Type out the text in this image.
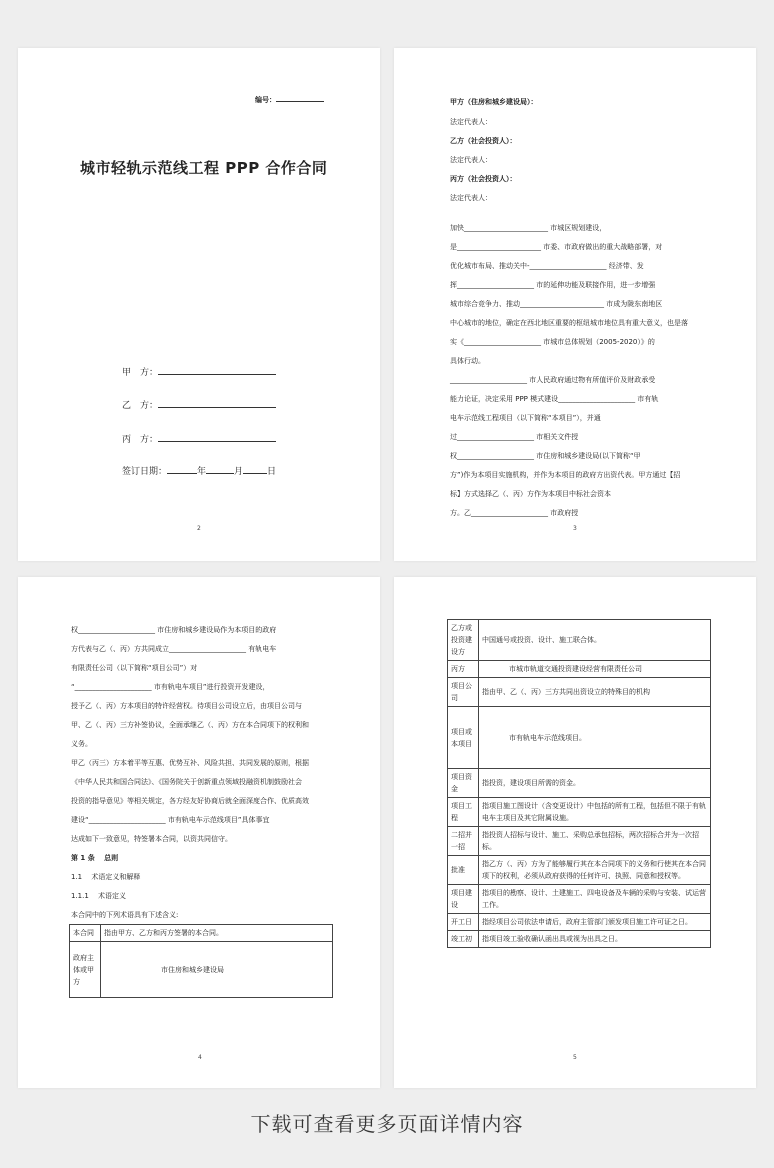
编号：
城市轻轨示范线工程 PPP 合作合同
甲　方：
乙　方：
丙　方：
签订日期：	年	月	日
2
甲方（住房和城乡建设局）：
法定代表人：
乙方（社会投资人）：
法定代表人：
丙方（社会投资人）：
法定代表人：
加快________________________ 市城区规划建设，
是________________________ 市委、市政府做出的重大战略部署，对
优化城市布局、推动关中-______________________ 经济带、发
挥______________________ 市的延伸功能及联接作用，进一步增强
城市综合竞争力、推动________________________ 市成为陇东南地区
中心城市的地位，确定在西北地区重要的枢纽城市地位具有重大意义，也是落
实《______________________ 市城市总体规划（2005-2020）》的
具体行动。
______________________ 市人民政府通过物有所值评价及财政承受
能力论证，决定采用 PPP 模式建设______________________ 市有轨
电车示范线工程项目（以下简称“本项目”），并通
过______________________ 市相关文件授
权______________________ 市住房和城乡建设局(以下简称“甲
方”)作为本项目实施机构，并作为本项目的政府方出资代表。甲方通过【招
标】方式选择乙（、丙）方作为本项目中标社会资本
方。乙______________________ 市政府授
3
权______________________ 市住房和城乡建设局作为本项目的政府
方代表与乙（、丙）方共同成立______________________ 有轨电车
有限责任公司（以下简称“项目公司”）对
“______________________ 市有轨电车项目”进行投资开发建设，
授予乙（、丙）方本项目的特许经营权。待项目公司设立后，由项目公司与
甲、乙（、丙）三方补签协议，全面承继乙（、丙）方在本合同项下的权利和
义务。
甲乙（丙三）方本着平等互惠、优势互补、风险共担、共同发展的原则，根据
《中华人民共和国合同法》、《国务院关于创新重点领域投融资机制鼓励社会
投资的指导意见》等相关规定，各方经友好协商后就全面深度合作、优质高效
建设“______________________ 市有轨电车示范线项目”具体事宜
达成如下一致意见，特签署本合同，以资共同信守。
第 1 条　 总则
1.1　 术语定义和解释
1.1.1　 术语定义
本合同中的下列术语具有下述含义:
本合同	指由甲方、乙方和丙方签署的本合同。
政府主体或甲方	市住房和城乡建设局
4
乙方或投资建设方	中国通号或投资、设计、施工联合体。
丙方	市城市轨道交通投资建设经营有限责任公司
项目公司	指由甲、乙（、丙）三方共同出资设立的特殊目的机构
项目或本项目	市有轨电车示范线项目。
项目资金	指投资，建设项目所需的资金。
项目工程	指项目施工图设计（含变更设计）中包括的所有工程，包括但不限于有轨电车主项目及其它附属设施。
二招并一招	指投资人招标与设计、施工、采购总承包招标，两次招标合并为一次招标。
批准	指乙方（、丙）方为了能够履行其在本合同项下的义务和行使其在本合同项下的权利，必须从政府获得的任何许可、执照、同意和授权等。
项目建设	指项目的勘察、设计、土建施工、四电设备及车辆的采购与安装、试运营工作。
开工日	指经项目公司依法申请后，政府主管部门颁发项目施工许可证之日。
竣工初	指项目竣工验收确认函出具或视为出具之日。
5
下载可查看更多页面详情内容
